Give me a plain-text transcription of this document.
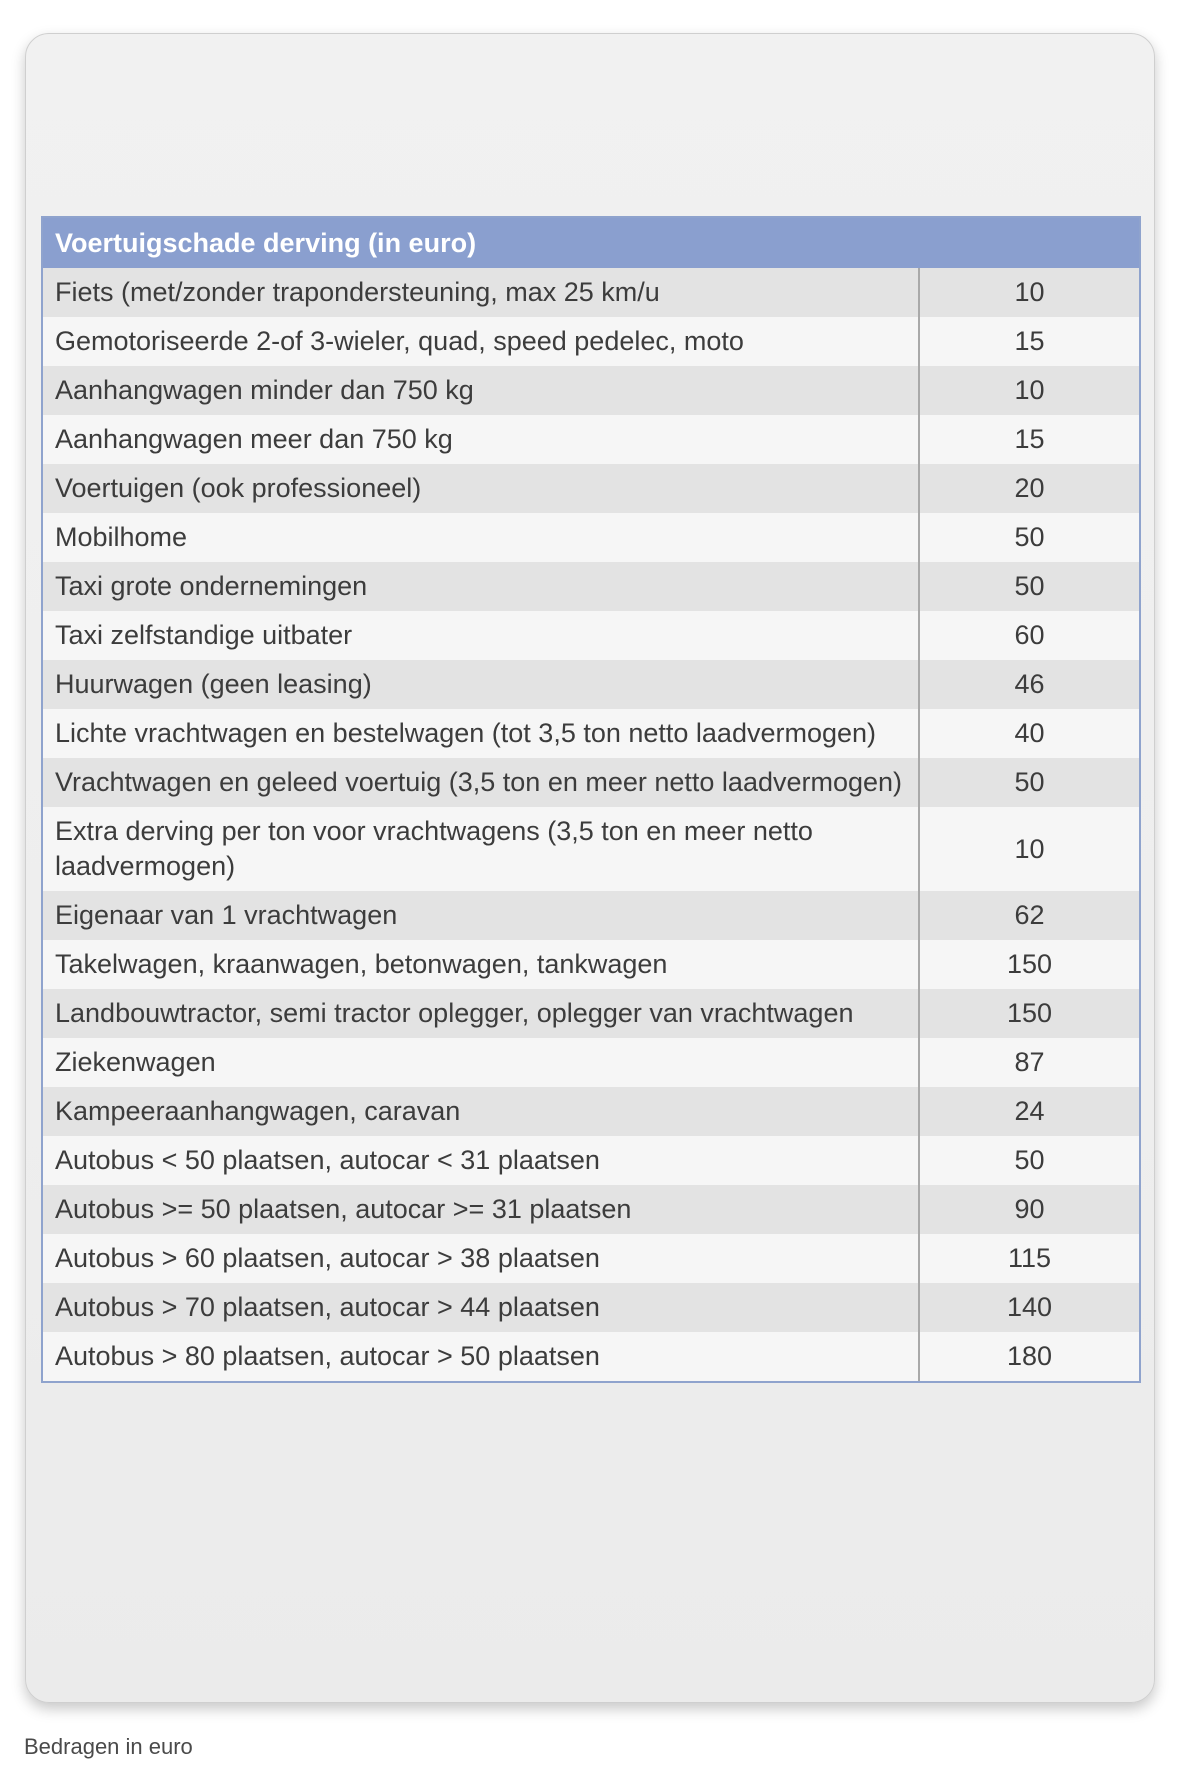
Voertuigschade derving (in euro)	
Fiets (met/zonder trapondersteuning, max 25 km/u	10
Gemotoriseerde 2-of 3-wieler, quad, speed pedelec, moto	15
Aanhangwagen minder dan 750 kg	10
Aanhangwagen meer dan 750 kg	15
Voertuigen (ook professioneel)	20
Mobilhome	50
Taxi grote ondernemingen	50
Taxi zelfstandige uitbater	60
Huurwagen (geen leasing)	46
Lichte vrachtwagen en bestelwagen (tot 3,5 ton netto laadvermogen)	40
Vrachtwagen en geleed voertuig (3,5 ton en meer netto laadvermogen)	50
Extra derving per ton voor vrachtwagens (3,5 ton en meer netto laadvermogen)	10
Eigenaar van 1 vrachtwagen	62
Takelwagen, kraanwagen, betonwagen, tankwagen	150
Landbouwtractor, semi tractor oplegger, oplegger van vrachtwagen	150
Ziekenwagen	87
Kampeeraanhangwagen, caravan	24
Autobus < 50 plaatsen, autocar < 31 plaatsen	50
Autobus >= 50 plaatsen, autocar >= 31 plaatsen	90
Autobus > 60 plaatsen, autocar > 38 plaatsen	115
Autobus > 70 plaatsen, autocar > 44 plaatsen	140
Autobus > 80 plaatsen, autocar > 50 plaatsen	180
Bedragen in euro
